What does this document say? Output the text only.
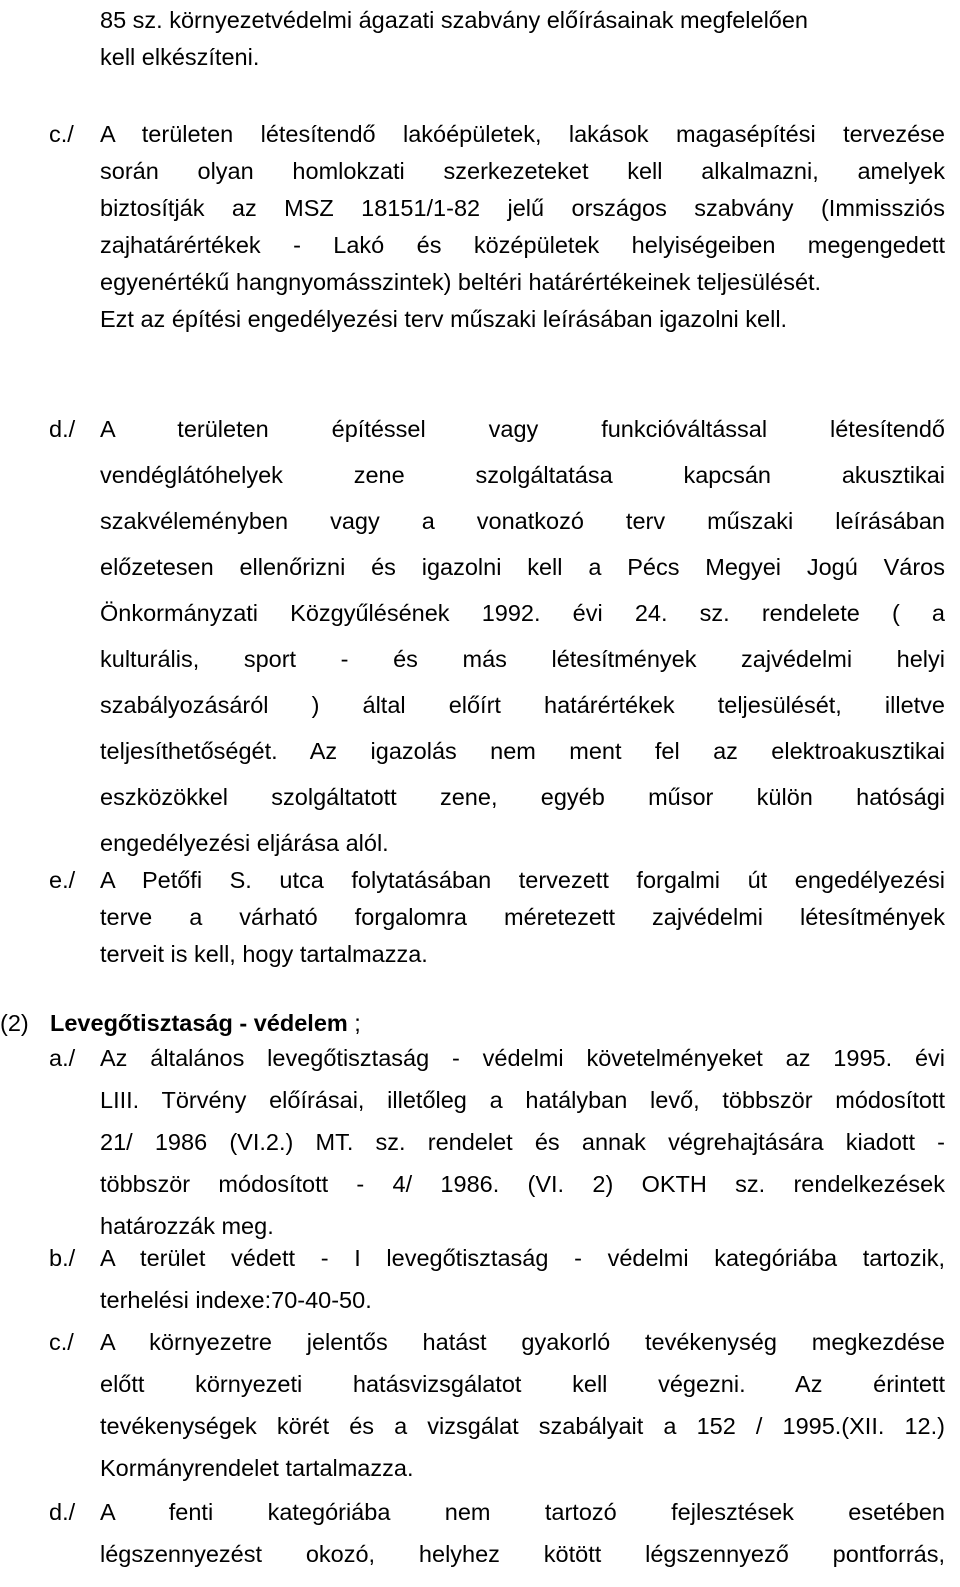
85 sz. környezetvédelmi ágazati szabvány előírásainak megfelelően
kell elkészíteni.
c./ A területen létesítendő lakóépületek, lakások magasépítési tervezése
során olyan homlokzati szerkezeteket kell alkalmazni, amelyek
biztosítják az MSZ 18151/1-82 jelű országos szabvány (Immissziós
zajhatárértékek - Lakó és középületek helyiségeiben megengedett
egyenértékű hangnyomásszintek) beltéri határértékeinek teljesülését.
Ezt az építési engedélyezési terv műszaki leírásában igazolni kell.
d./ A területen építéssel vagy funkcióváltással létesítendő
vendéglátóhelyek zene szolgáltatása kapcsán akusztikai
szakvéleményben vagy a vonatkozó terv műszaki leírásában
előzetesen ellenőrizni és igazolni kell a Pécs Megyei Jogú Város
Önkormányzati Közgyűlésének 1992. évi 24. sz. rendelete ( a
kulturális, sport - és más létesítmények zajvédelmi helyi
szabályozásáról ) által előírt határértékek teljesülését, illetve
teljesíthetőségét. Az igazolás nem ment fel az elektroakusztikai
eszközökkel szolgáltatott zene, egyéb műsor külön hatósági
engedélyezési eljárása alól.
e./ A Petőfi S. utca folytatásában tervezett forgalmi út engedélyezési
terve a várható forgalomra méretezett zajvédelmi létesítmények
terveit is kell, hogy tartalmazza.
(2) Levegőtisztaság - védelem ;
a./ Az általános levegőtisztaság - védelmi követelményeket az 1995. évi
LIII. Törvény előírásai, illetőleg a hatályban levő, többször módosított
21/ 1986 (VI.2.) MT. sz. rendelet és annak végrehajtására kiadott -
többször módosított - 4/ 1986. (VI. 2) OKTH sz. rendelkezések
határozzák meg.
b./ A terület védett - I levegőtisztaság - védelmi kategóriába tartozik,
terhelési indexe:70-40-50.
c./ A környezetre jelentős hatást gyakorló tevékenység megkezdése
előtt környezeti hatásvizsgálatot kell végezni. Az érintett
tevékenységek körét és a vizsgálat szabályait a 152 / 1995.(XII. 12.)
Kormányrendelet tartalmazza.
d./ A fenti kategóriába nem tartozó fejlesztések esetében
légszennyezést okozó, helyhez kötött légszennyező pontforrás,
